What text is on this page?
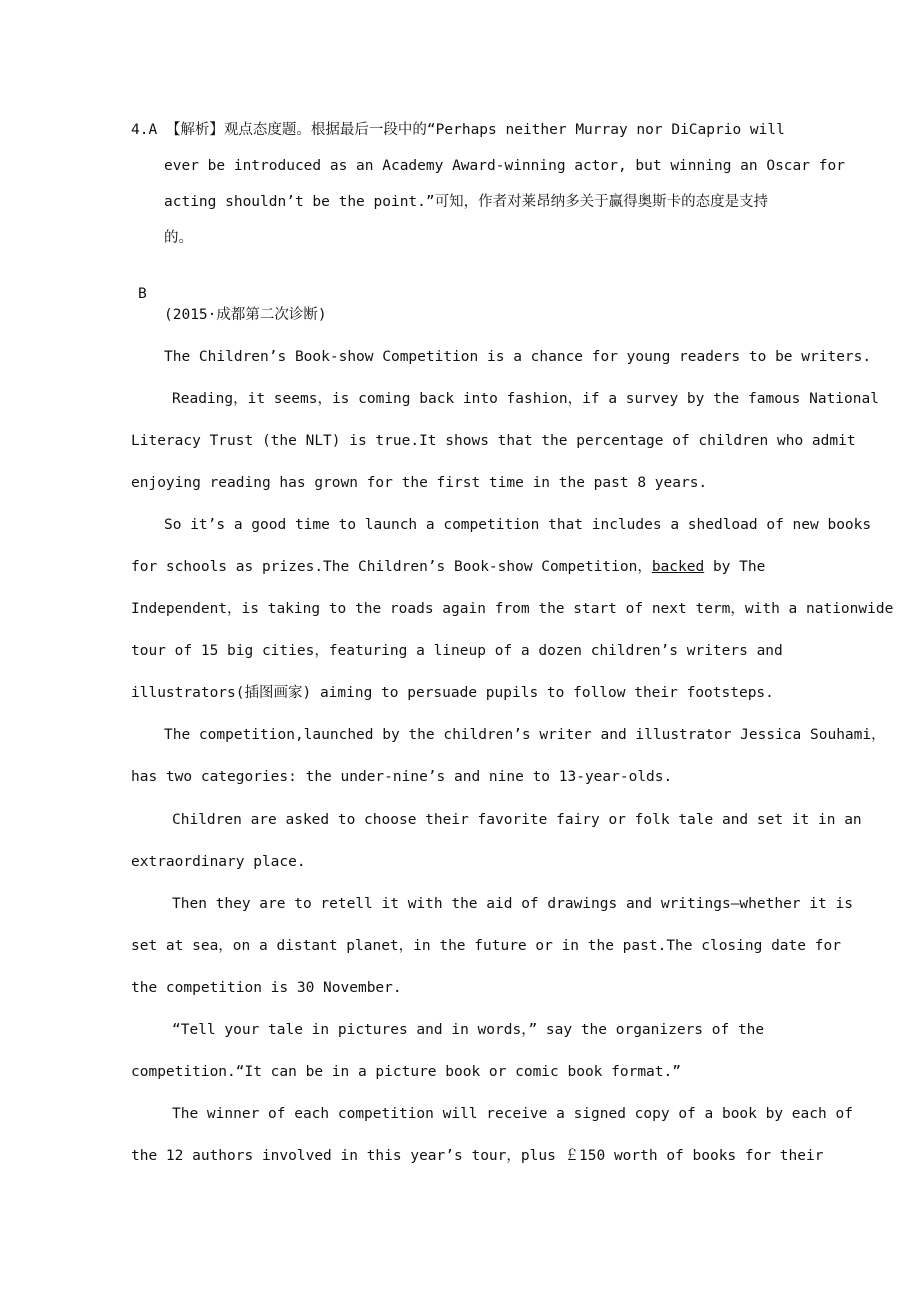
4.A 【解析】观点态度题。根据最后一段中的“Perhaps neither Murray nor DiCaprio will
ever be introduced as an Academy Award-winning actor, but winning an Oscar for
acting shouldn’t be the point.”可知，作者对莱昂纳多关于赢得奥斯卡的态度是支持
的。
B
(2015·成都第二次诊断)
The Children’s Book-show Competition is a chance for young readers to be writers.
Reading，it seems，is coming back into fashion，if a survey by the famous National
Literacy Trust (the NLT) is true.It shows that the percentage of children who admit
enjoying reading has grown for the first time in the past 8 years.
So it’s a good time to launch a competition that includes a shedload of new books
for schools as prizes.The Children’s Book-show Competition，backed by The
Independent，is taking to the roads again from the start of next term，with a nationwide
tour of 15 big cities，featuring a lineup of a dozen children’s writers and
illustrators(插图画家) aiming to persuade pupils to follow their footsteps.
The competition,launched by the children’s writer and illustrator Jessica Souhami，
has two categories: the under-nine’s and nine to 13-year-olds.
Children are asked to choose their favorite fairy or folk tale and set it in an
extraordinary place.
Then they are to retell it with the aid of drawings and writings—whether it is
set at sea，on a distant planet，in the future or in the past.The closing date for
the competition is 30 November.
“Tell your tale in pictures and in words，” say the organizers of the
competition.“It can be in a picture book or comic book format.”
The winner of each competition will receive a signed copy of a book by each of
the 12 authors involved in this year’s tour，plus ￡150 worth of books for their
